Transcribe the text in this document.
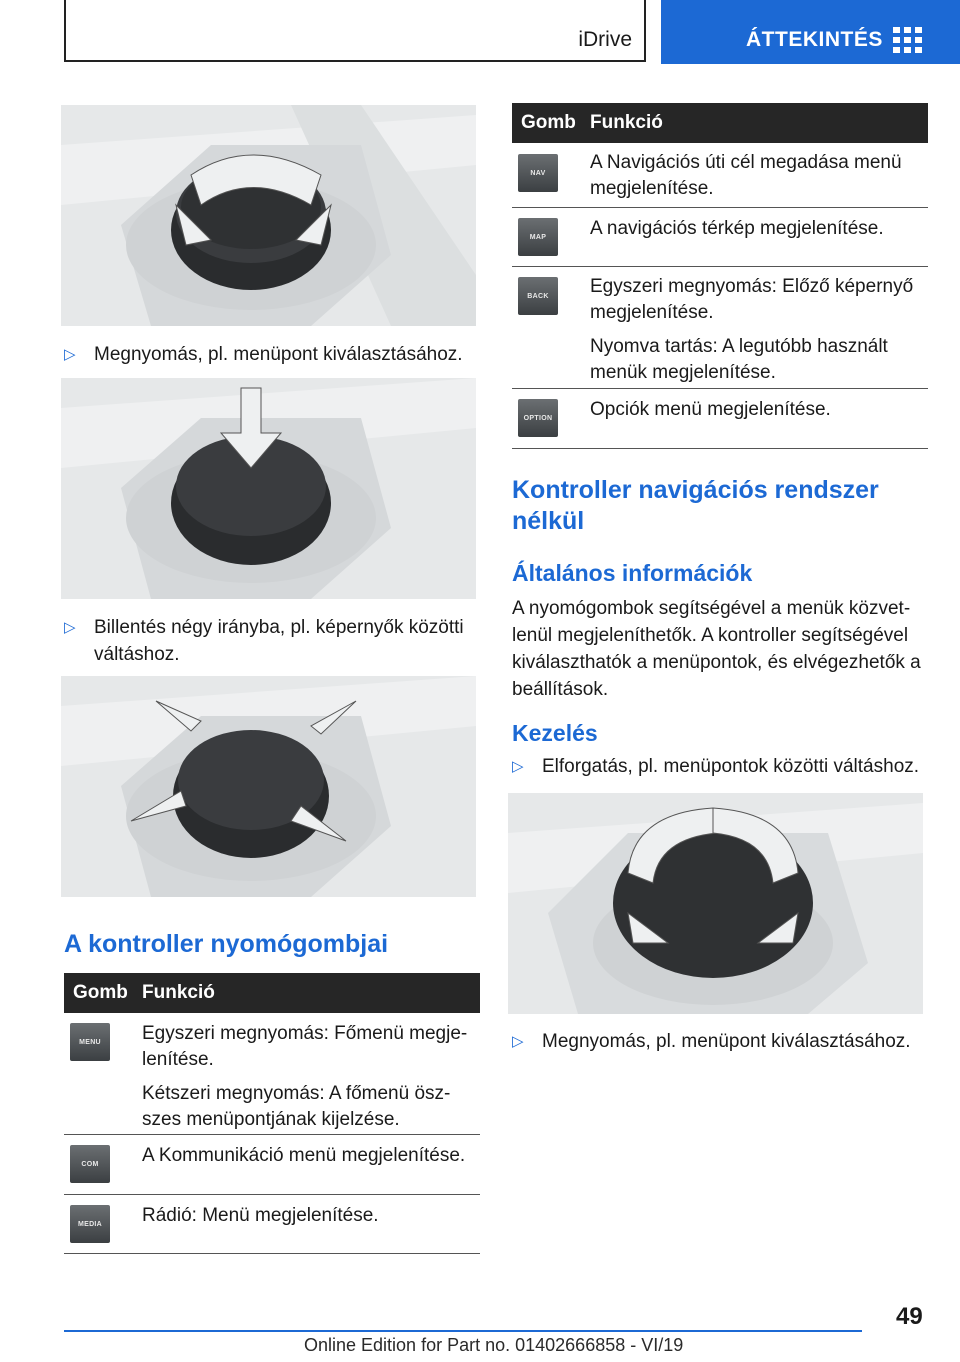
iDrive	ÁTTEKINTÉS
▷ Megnyomás, pl. menüpont kiválasztásához.
▷ Billentés négy irányba, pl. képernyők közötti váltáshoz.
A kontroller nyomógombjai
Gomb Funkció
MENU	Egyszeri megnyomás: Főmenü megjelenítése.

Kétszeri megnyomás: A főmenü öszszes menüpontjának kijelzése.

COM	A Kommunikáció menü megjelenítése.

MEDIA	Rádió: Menü megjelenítése.

Gomb Funkció
NAV	A Navigációs úti cél megadása menü megjelenítése.

MAP	A navigációs térkép megjelenítése.

BACK	Egyszeri megnyomás: Előző képernyő megjelenítése.

Nyomva tartás: A legutóbb használt menük megjelenítése.

OPTION Opciók menü megjelenítése.

Kontroller navigációs rendszer nélkül
Általános információk

A nyomógombok segítségével a menük közvetlenül megjeleníthetők. A kontroller segítségével kiválaszthatók a menüpontok, és elvégezhetők a beállítások.

Kezelés
▷ Elforgatás, pl. menüpontok közötti váltáshoz.
▷ Megnyomás, pl. menüpont kiválasztásához.
49
Online Edition for Part no. 01402666858 - VI/19
